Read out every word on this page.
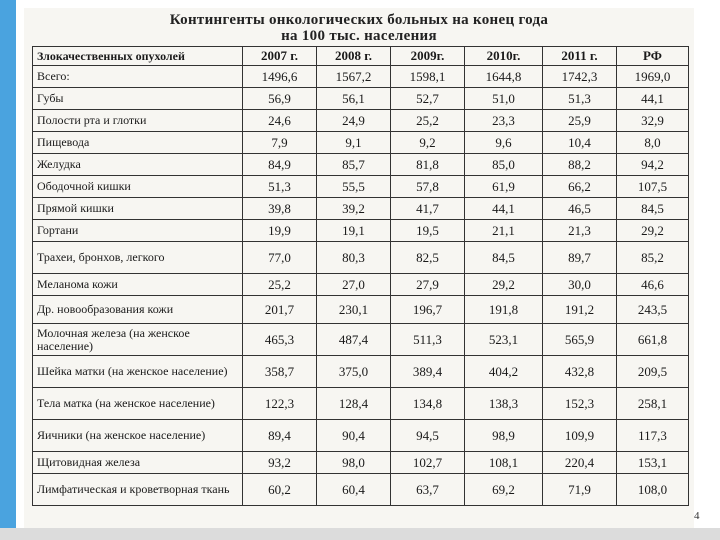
Контингенты онкологических больных на конец года
на 100 тыс. населения
Злокачественных опухолей	2007 г.	2008 г.	2009г.	2010г.	2011 г.	РФ
Всего:	1496,6	1567,2	1598,1	1644,8	1742,3	1969,0
Губы	56,9	56,1	52,7	51,0	51,3	44,1
Полости рта и глотки	24,6	24,9	25,2	23,3	25,9	32,9
Пищевода	7,9	9,1	9,2	9,6	10,4	8,0
Желудка	84,9	85,7	81,8	85,0	88,2	94,2
Ободочной кишки	51,3	55,5	57,8	61,9	66,2	107,5
Прямой кишки	39,8	39,2	41,7	44,1	46,5	84,5
Гортани	19,9	19,1	19,5	21,1	21,3	29,2
Трахеи, бронхов, легкого	77,0	80,3	82,5	84,5	89,7	85,2
Меланома кожи	25,2	27,0	27,9	29,2	30,0	46,6
Др. новообразования кожи	201,7	230,1	196,7	191,8	191,2	243,5
Молочная железа (на женское население)	465,3	487,4	511,3	523,1	565,9	661,8
Шейка матки (на женское население)	358,7	375,0	389,4	404,2	432,8	209,5
Тела матка (на женское население)	122,3	128,4	134,8	138,3	152,3	258,1
Яичники (на женское население)	89,4	90,4	94,5	98,9	109,9	117,3
Щитовидная железа	93,2	98,0	102,7	108,1	220,4	153,1
Лимфатическая и кроветворная ткань	60,2	60,4	63,7	69,2	71,9	108,0
4
